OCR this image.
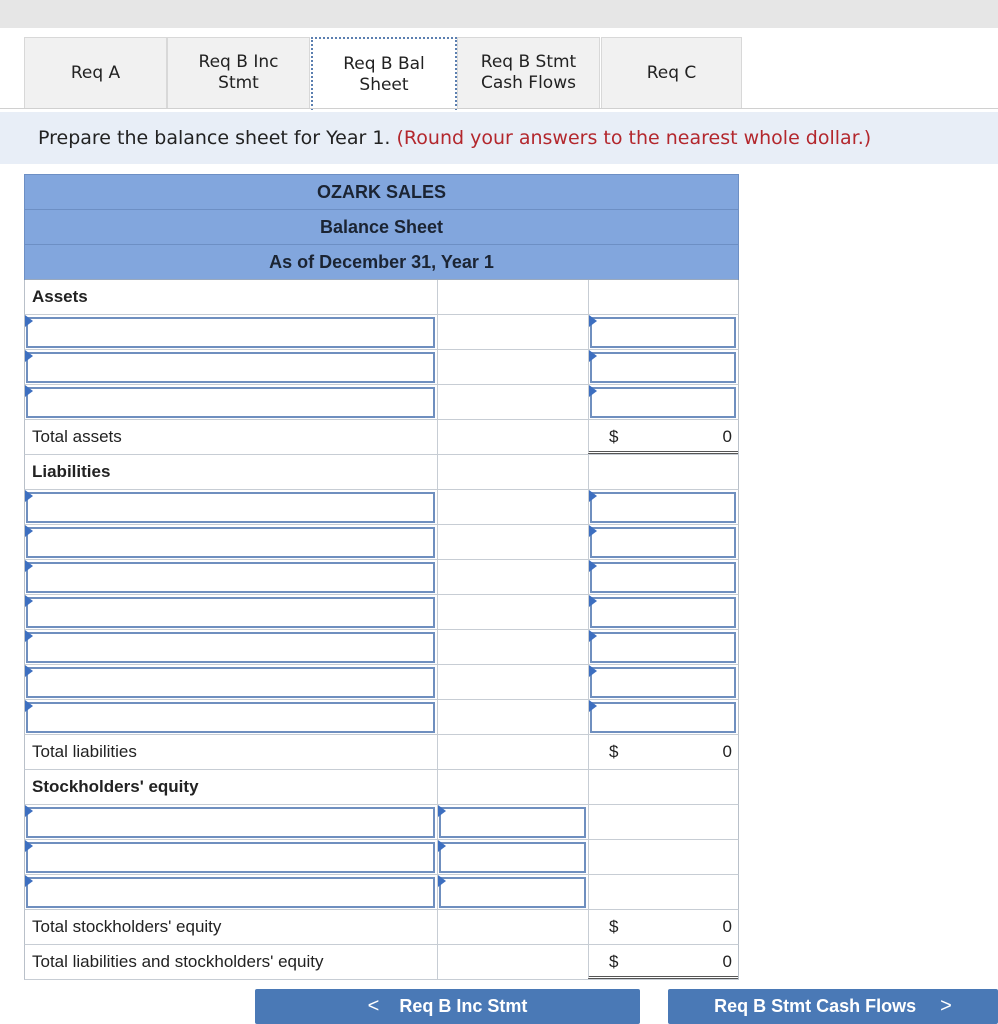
Req A
Req B Inc
Stmt
Req B Bal
Sheet
Req B Stmt
Cash Flows
Req C
Prepare the balance sheet for Year 1. (Round your answers to the nearest whole dollar.)
OZARK SALES
Balance Sheet
As of December 31, Year 1
Assets
Total assets	$	0
Liabilities
Total liabilities	$	0
Stockholders' equity
Total stockholders' equity	$	0
Total liabilities and stockholders' equity	$	0
< Req B Inc Stmt	Req B Stmt Cash Flows >
